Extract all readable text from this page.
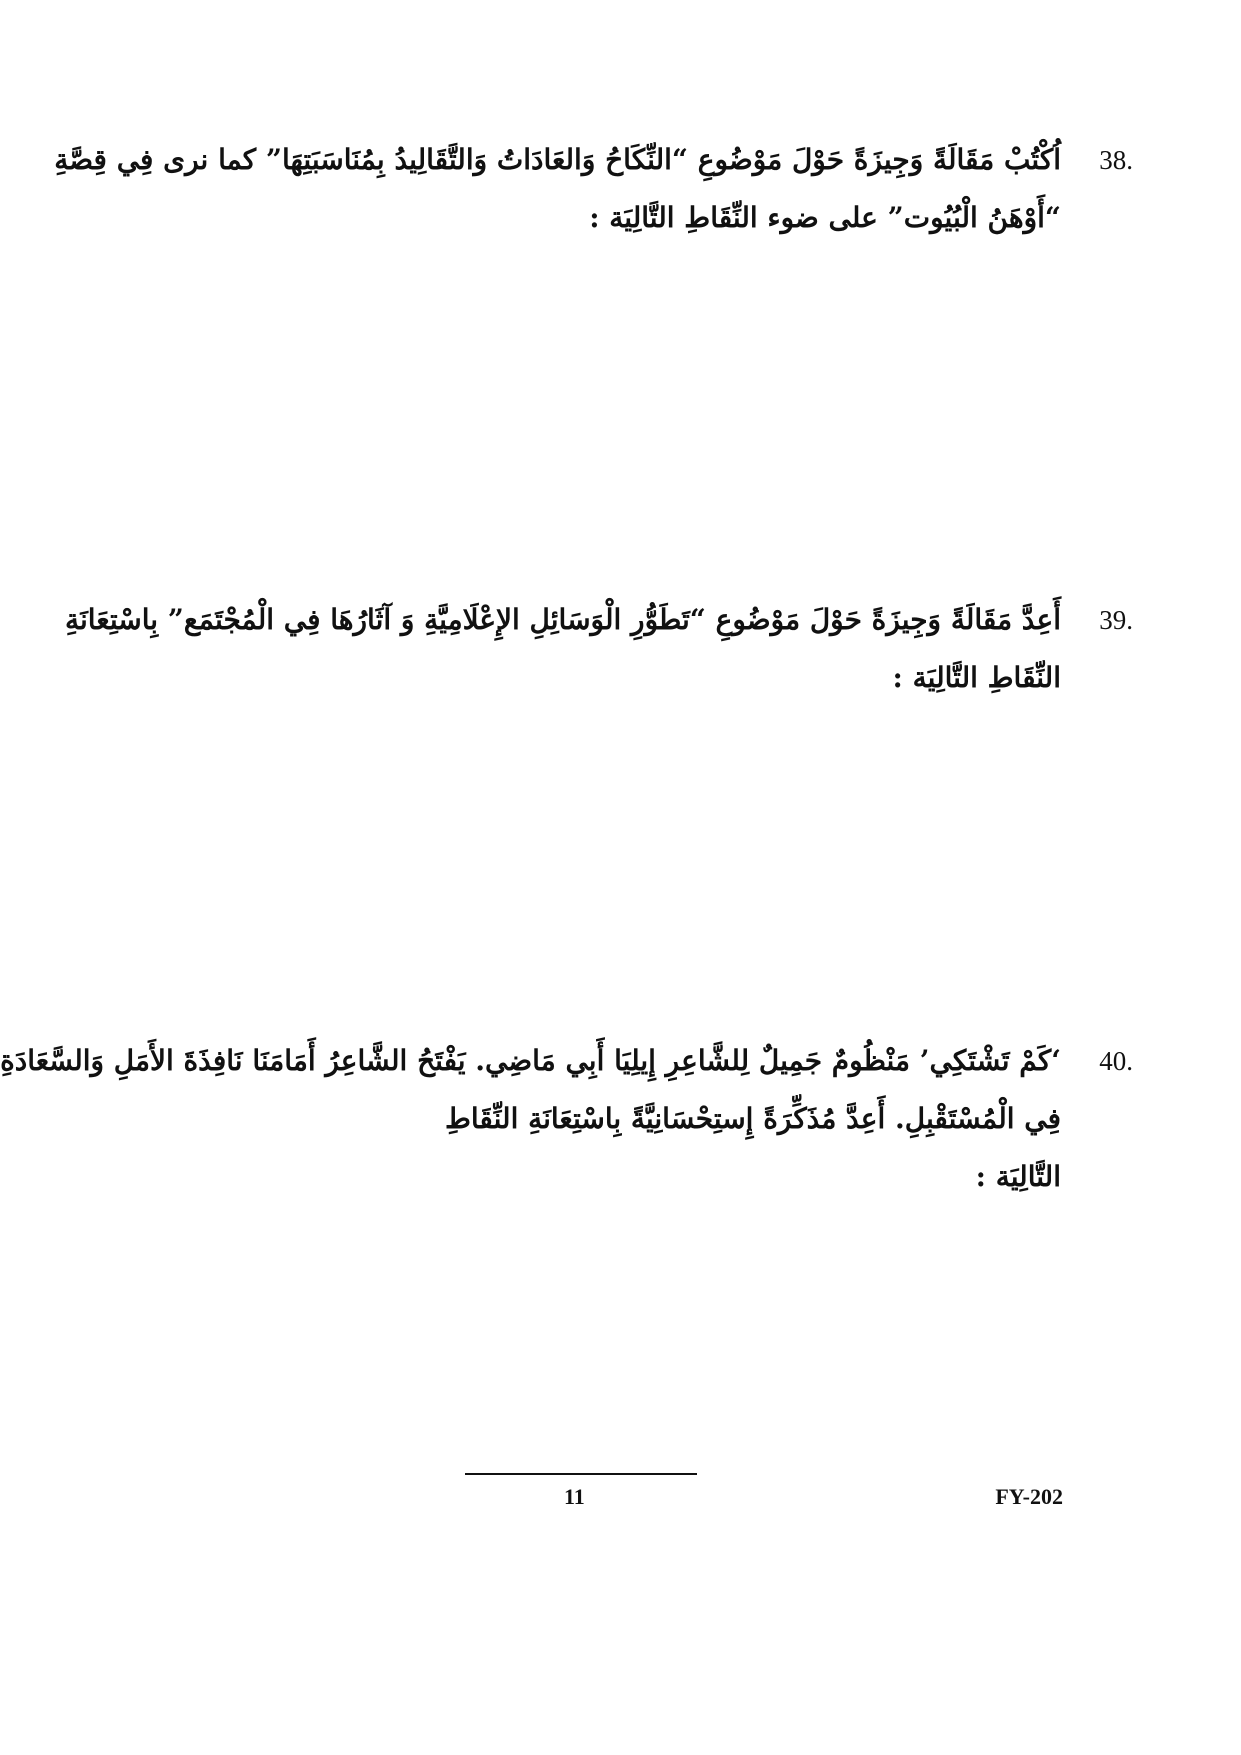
38.
اُكْتُبْ مَقَالَةً وَجِيزَةً حَوْلَ مَوْضُوعِ “النِّكَاحُ وَالعَادَاتُ وَالتَّقَالِيدُ بِمُنَاسَبَتِهَا” كما نرى فِي قِصَّةِ
“أَوْهَنُ الْبُيُوت” على ضوء النِّقَاطِ التَّالِيَة :
39.
أَعِدَّ مَقَالَةً وَجِيزَةً حَوْلَ مَوْضُوعِ “تَطَوُّرِ الْوَسَائِلِ الإِعْلَامِيَّةِ وَ آثَارُهَا فِي الْمُجْتَمَع” بِاسْتِعَانَةِ
النِّقَاطِ التَّالِيَة :
40.
‘كَمْ تَشْتَكِي’ مَنْظُومٌ جَمِيلٌ لِلشَّاعِرِ إِيلِيَا أَبِي مَاضِي. يَفْتَحُ الشَّاعِرُ أَمَامَنَا نَافِذَةَ الأَمَلِ وَالسَّعَادَةِ
فِي الْمُسْتَقْبِلِ. أَعِدَّ مُذَكِّرَةً إِستِحْسَانِيَّةً بِاسْتِعَانَةِ النِّقَاطِ
التَّالِيَة :
11	FY-202
